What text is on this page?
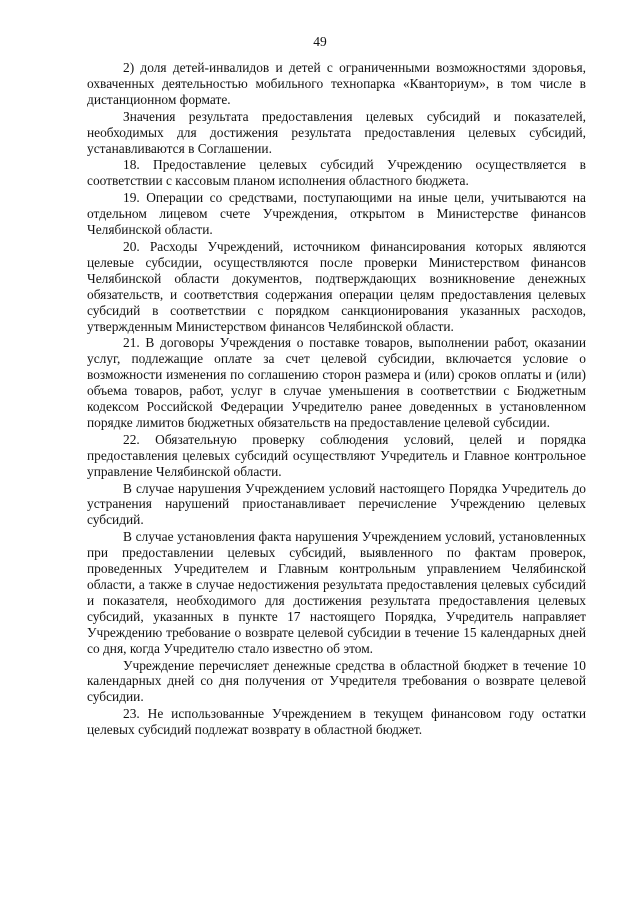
49

2) доля детей-инвалидов и детей с ограниченными возможностями здоровья, охваченных деятельностью мобильного технопарка «Кванториум», в том числе в дистанционном формате.

Значения результата предоставления целевых субсидий и показателей, необходимых для достижения результата предоставления целевых субсидий, устанавливаются в Соглашении.

18. Предоставление целевых субсидий Учреждению осуществляется в соответствии с кассовым планом исполнения областного бюджета.

19. Операции со средствами, поступающими на иные цели, учитываются на отдельном лицевом счете Учреждения, открытом в Министерстве финансов Челябинской области.

20. Расходы Учреждений, источником финансирования которых являются целевые субсидии, осуществляются после проверки Министерством финансов Челябинской области документов, подтверждающих возникновение денежных обязательств, и соответствия содержания операции целям предоставления целевых субсидий в соответствии с порядком санкционирования указанных расходов, утвержденным Министерством финансов Челябинской области.

21. В договоры Учреждения о поставке товаров, выполнении работ, оказании услуг, подлежащие оплате за счет целевой субсидии, включается условие о возможности изменения по соглашению сторон размера и (или) сроков оплаты и (или) объема товаров, работ, услуг в случае уменьшения в соответствии с Бюджетным кодексом Российской Федерации Учредителю ранее доведенных в установленном порядке лимитов бюджетных обязательств на предоставление целевой субсидии.

22. Обязательную проверку соблюдения условий, целей и порядка предоставления целевых субсидий осуществляют Учредитель и Главное контрольное управление Челябинской области.

В случае нарушения Учреждением условий настоящего Порядка Учредитель до устранения нарушений приостанавливает перечисление Учреждению целевых субсидий.

В случае установления факта нарушения Учреждением условий, установленных при предоставлении целевых субсидий, выявленного по фактам проверок, проведенных Учредителем и Главным контрольным управлением Челябинской области, а также в случае недостижения результата предоставления целевых субсидий и показателя, необходимого для достижения результата предоставления целевых субсидий, указанных в пункте 17 настоящего Порядка, Учредитель направляет Учреждению требование о возврате целевой субсидии в течение 15 календарных дней со дня, когда Учредителю стало известно об этом.

Учреждение перечисляет денежные средства в областной бюджет в течение 10 календарных дней со дня получения от Учредителя требования о возврате целевой субсидии.

23. Не использованные Учреждением в текущем финансовом году остатки целевых субсидий подлежат возврату в областной бюджет.
